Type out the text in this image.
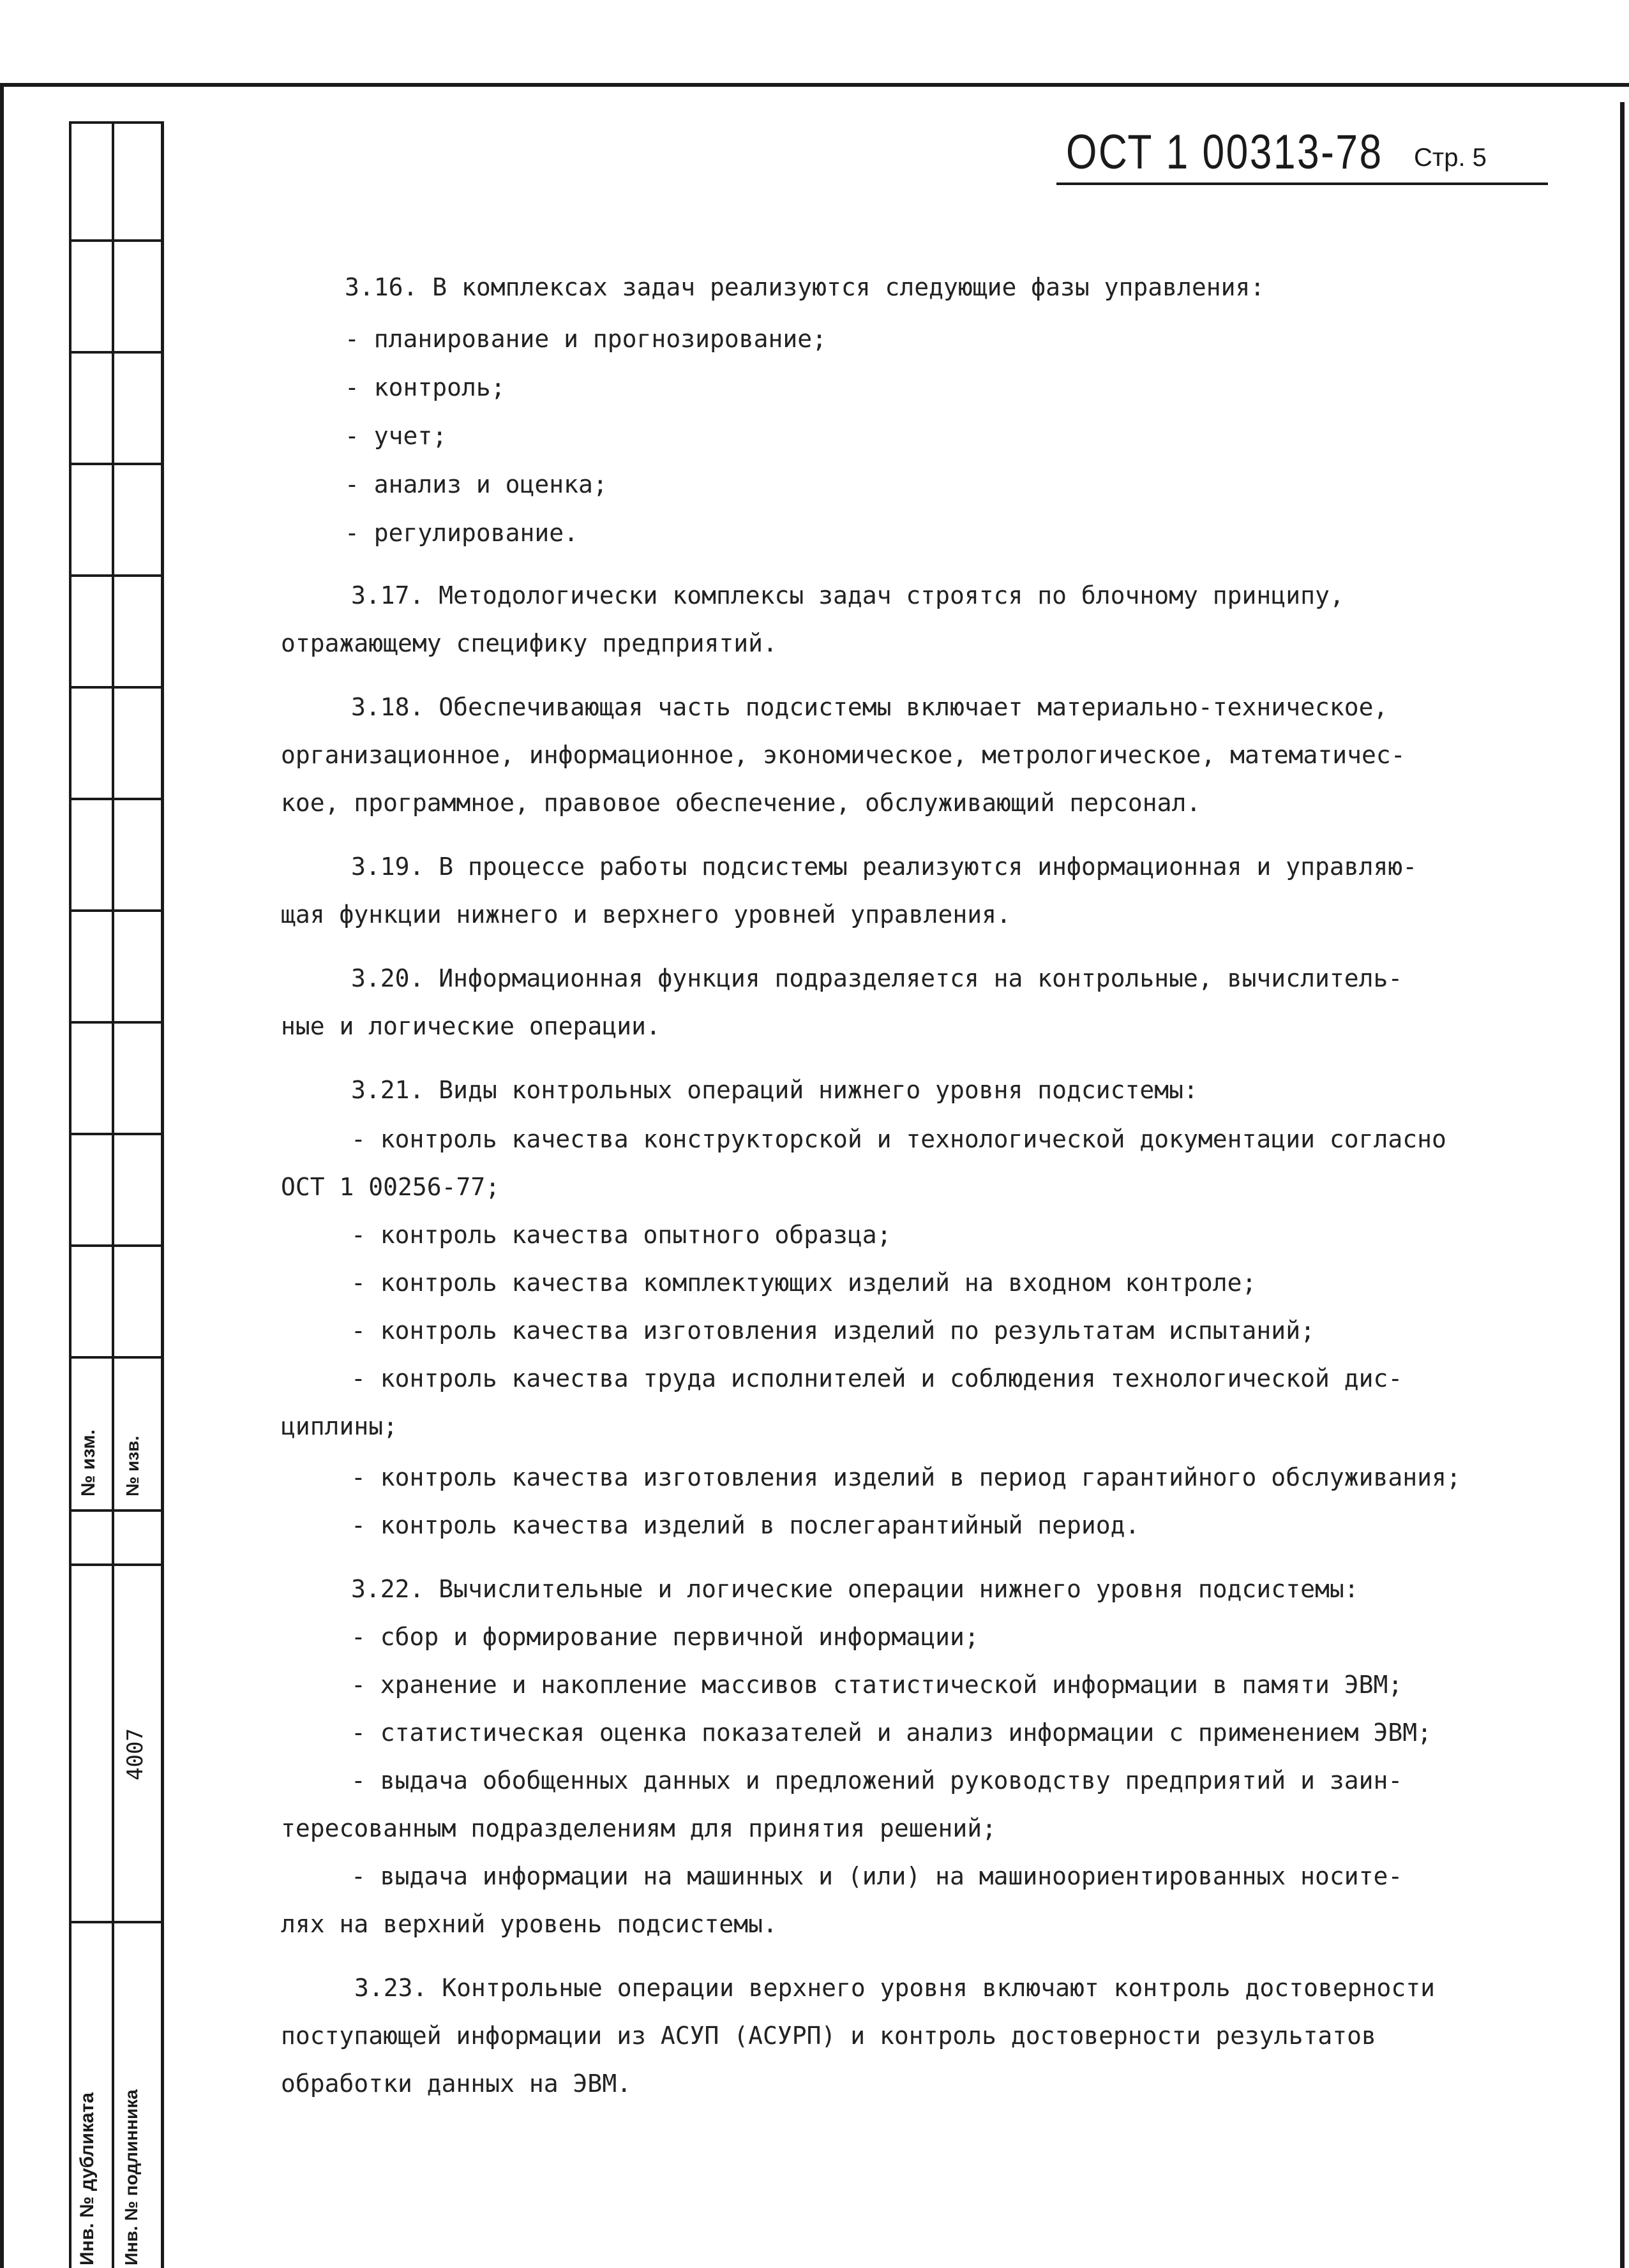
№ изм. № изв.
4007
Инв. № дубликата Инв. № подлинника
ОСТ 1 00313-78 Стр. 5
3.16. В комплексах задач реализуются следующие фазы управления:
- планирование и прогнозирование;
- контроль;
- учет;
- анализ и оценка;
- регулирование.
3.17. Методологически комплексы задач строятся по блочному принципу,
отражающему специфику предприятий.
3.18. Обеспечивающая часть подсистемы включает материально-техническое,
организационное, информационное, экономическое, метрологическое, математичес-
кое, программное, правовое обеспечение, обслуживающий персонал.
3.19. В процессе работы подсистемы реализуются информационная и управляю-
щая функции нижнего и верхнего уровней управления.
3.20. Информационная функция подразделяется на контрольные, вычислитель-
ные и логические операции.
3.21. Виды контрольных операций нижнего уровня подсистемы:
- контроль качества конструкторской и технологической документации согласно
ОСТ 1 00256-77;
- контроль качества опытного образца;
- контроль качества комплектующих изделий на входном контроле;
- контроль качества изготовления изделий по результатам испытаний;
- контроль качества труда исполнителей и соблюдения технологической дис-
циплины;
- контроль качества изготовления изделий в период гарантийного обслуживания;
- контроль качества изделий в послегарантийный период.
3.22. Вычислительные и логические операции нижнего уровня подсистемы:
- сбор и формирование первичной информации;
- хранение и накопление массивов статистической информации в памяти ЭВМ;
- статистическая оценка показателей и анализ информации с применением ЭВМ;
- выдача обобщенных данных и предложений руководству предприятий и заин-
тересованным подразделениям для принятия решений;
- выдача информации на машинных и (или) на машиноориентированных носите-
лях на верхний уровень подсистемы.
3.23. Контрольные операции верхнего уровня включают контроль достоверности
поступающей информации из АСУП (АСУРП) и контроль достоверности результатов
обработки данных на ЭВМ.
